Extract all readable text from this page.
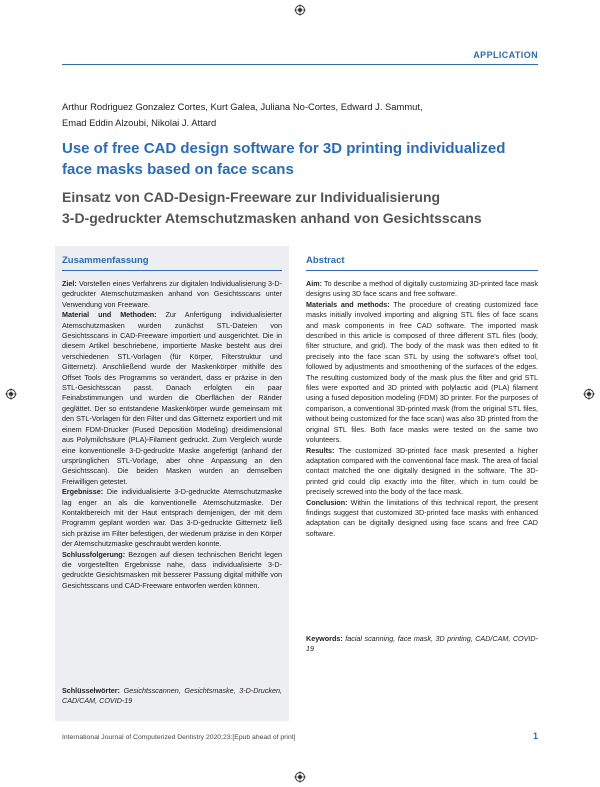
APPLICATION
Arthur Rodriguez Gonzalez Cortes, Kurt Galea, Juliana No-Cortes, Edward J. Sammut,
Emad Eddin Alzoubi, Nikolai J. Attard
Use of free CAD design software for 3D printing individualized
face masks based on face scans
Einsatz von CAD-Design-Freeware zur Individualisierung
3-D-gedruckter Atemschutzmasken anhand von Gesichtsscans
Zusammenfassung

Ziel: Vorstellen eines Verfahrens zur digitalen Individualisierung 3-D-gedruckter Atemschutzmasken anhand von Gesichtsscans unter Verwendung von Freeware.

Material und Methoden: Zur Anfertigung individualisierter Atemschutzmasken wurden zunächst STL-Dateien von Gesichtsscans in CAD-Freeware importiert und ausgerichtet. Die in diesem Artikel beschriebene, importierte Maske besteht aus drei verschiedenen STL-Vorlagen (für Körper, Filterstruktur und Gitternetz). Anschließend wurde der Maskenkörper mithilfe des Offset Tools des Programms so verändert, dass er präzise in den STL-Gesichtsscan passt. Danach erfolgten ein paar Feinabstimmungen und wurden die Oberflächen der Ränder geglättet. Der so entstandene Maskenkörper wurde gemeinsam mit den STL-Vorlagen für den Filter und das Gitternetz exportiert und mit einem FDM-Drucker (Fused Deposition Modeling) dreidimensional aus Polymilchsäure (PLA)-Filament gedruckt. Zum Vergleich wurde eine konventionelle 3-D-gedruckte Maske angefertigt (anhand der ursprünglichen STL-Vorlage, aber ohne Anpassung an den Gesichtsscan). Die beiden Masken wurden an demselben Freiwilligen getestet.

Ergebnisse: Die individualisierte 3-D-gedruckte Atemschutzmaske lag enger an als die konventionelle Atemschutzmaske. Der Kontaktbereich mit der Haut entsprach demjenigen, der mit dem Programm geplant worden war. Das 3-D-gedruckte Gitternetz ließ sich präzise im Filter befestigen, der wiederum präzise in den Körper der Atemschutzmaske geschraubt werden konnte.

Schlussfolgerung: Bezogen auf diesen technischen Bericht legen die vorgestellten Ergebnisse nahe, dass individualisierte 3-D-gedruckte Gesichtsmasken mit besserer Passung digital mithilfe von Gesichtsscans und CAD-Freeware entworfen werden können.

Schlüsselwörter: Gesichtsscannen, Gesichtsmaske, 3-D-Drucken, CAD/CAM, COVID-19

Abstract

Aim: To describe a method of digitally customizing 3D-printed face mask designs using 3D face scans and free software.

Materials and methods: The procedure of creating customized face masks initially involved importing and aligning STL files of face scans and mask components in free CAD software. The imported mask described in this article is composed of three different STL files (body, filter structure, and grid). The body of the mask was then edited to fit precisely into the face scan STL by using the software's offset tool, followed by adjustments and smoothening of the surfaces of the edges. The resulting customized body of the mask plus the filter and grid STL files were exported and 3D printed with polylactic acid (PLA) filament using a fused deposition modeling (FDM) 3D printer. For the purposes of comparison, a conventional 3D-printed mask (from the original STL files, without being customized for the face scan) was also 3D printed from the original STL files. Both face masks were tested on the same two volunteers.

Results: The customized 3D-printed face mask presented a higher adaptation compared with the conventional face mask. The area of facial contact matched the one digitally designed in the software. The 3D-printed grid could clip exactly into the filter, which in turn could be precisely screwed into the body of the face mask.

Conclusion: Within the limitations of this technical report, the present findings suggest that customized 3D-printed face masks with enhanced adaptation can be digitally designed using face scans and free CAD software.

Keywords: facial scanning, face mask, 3D printing, CAD/CAM, COVID-19

International Journal of Computerized Dentistry 2020;23:[Epub ahead of print]	1
